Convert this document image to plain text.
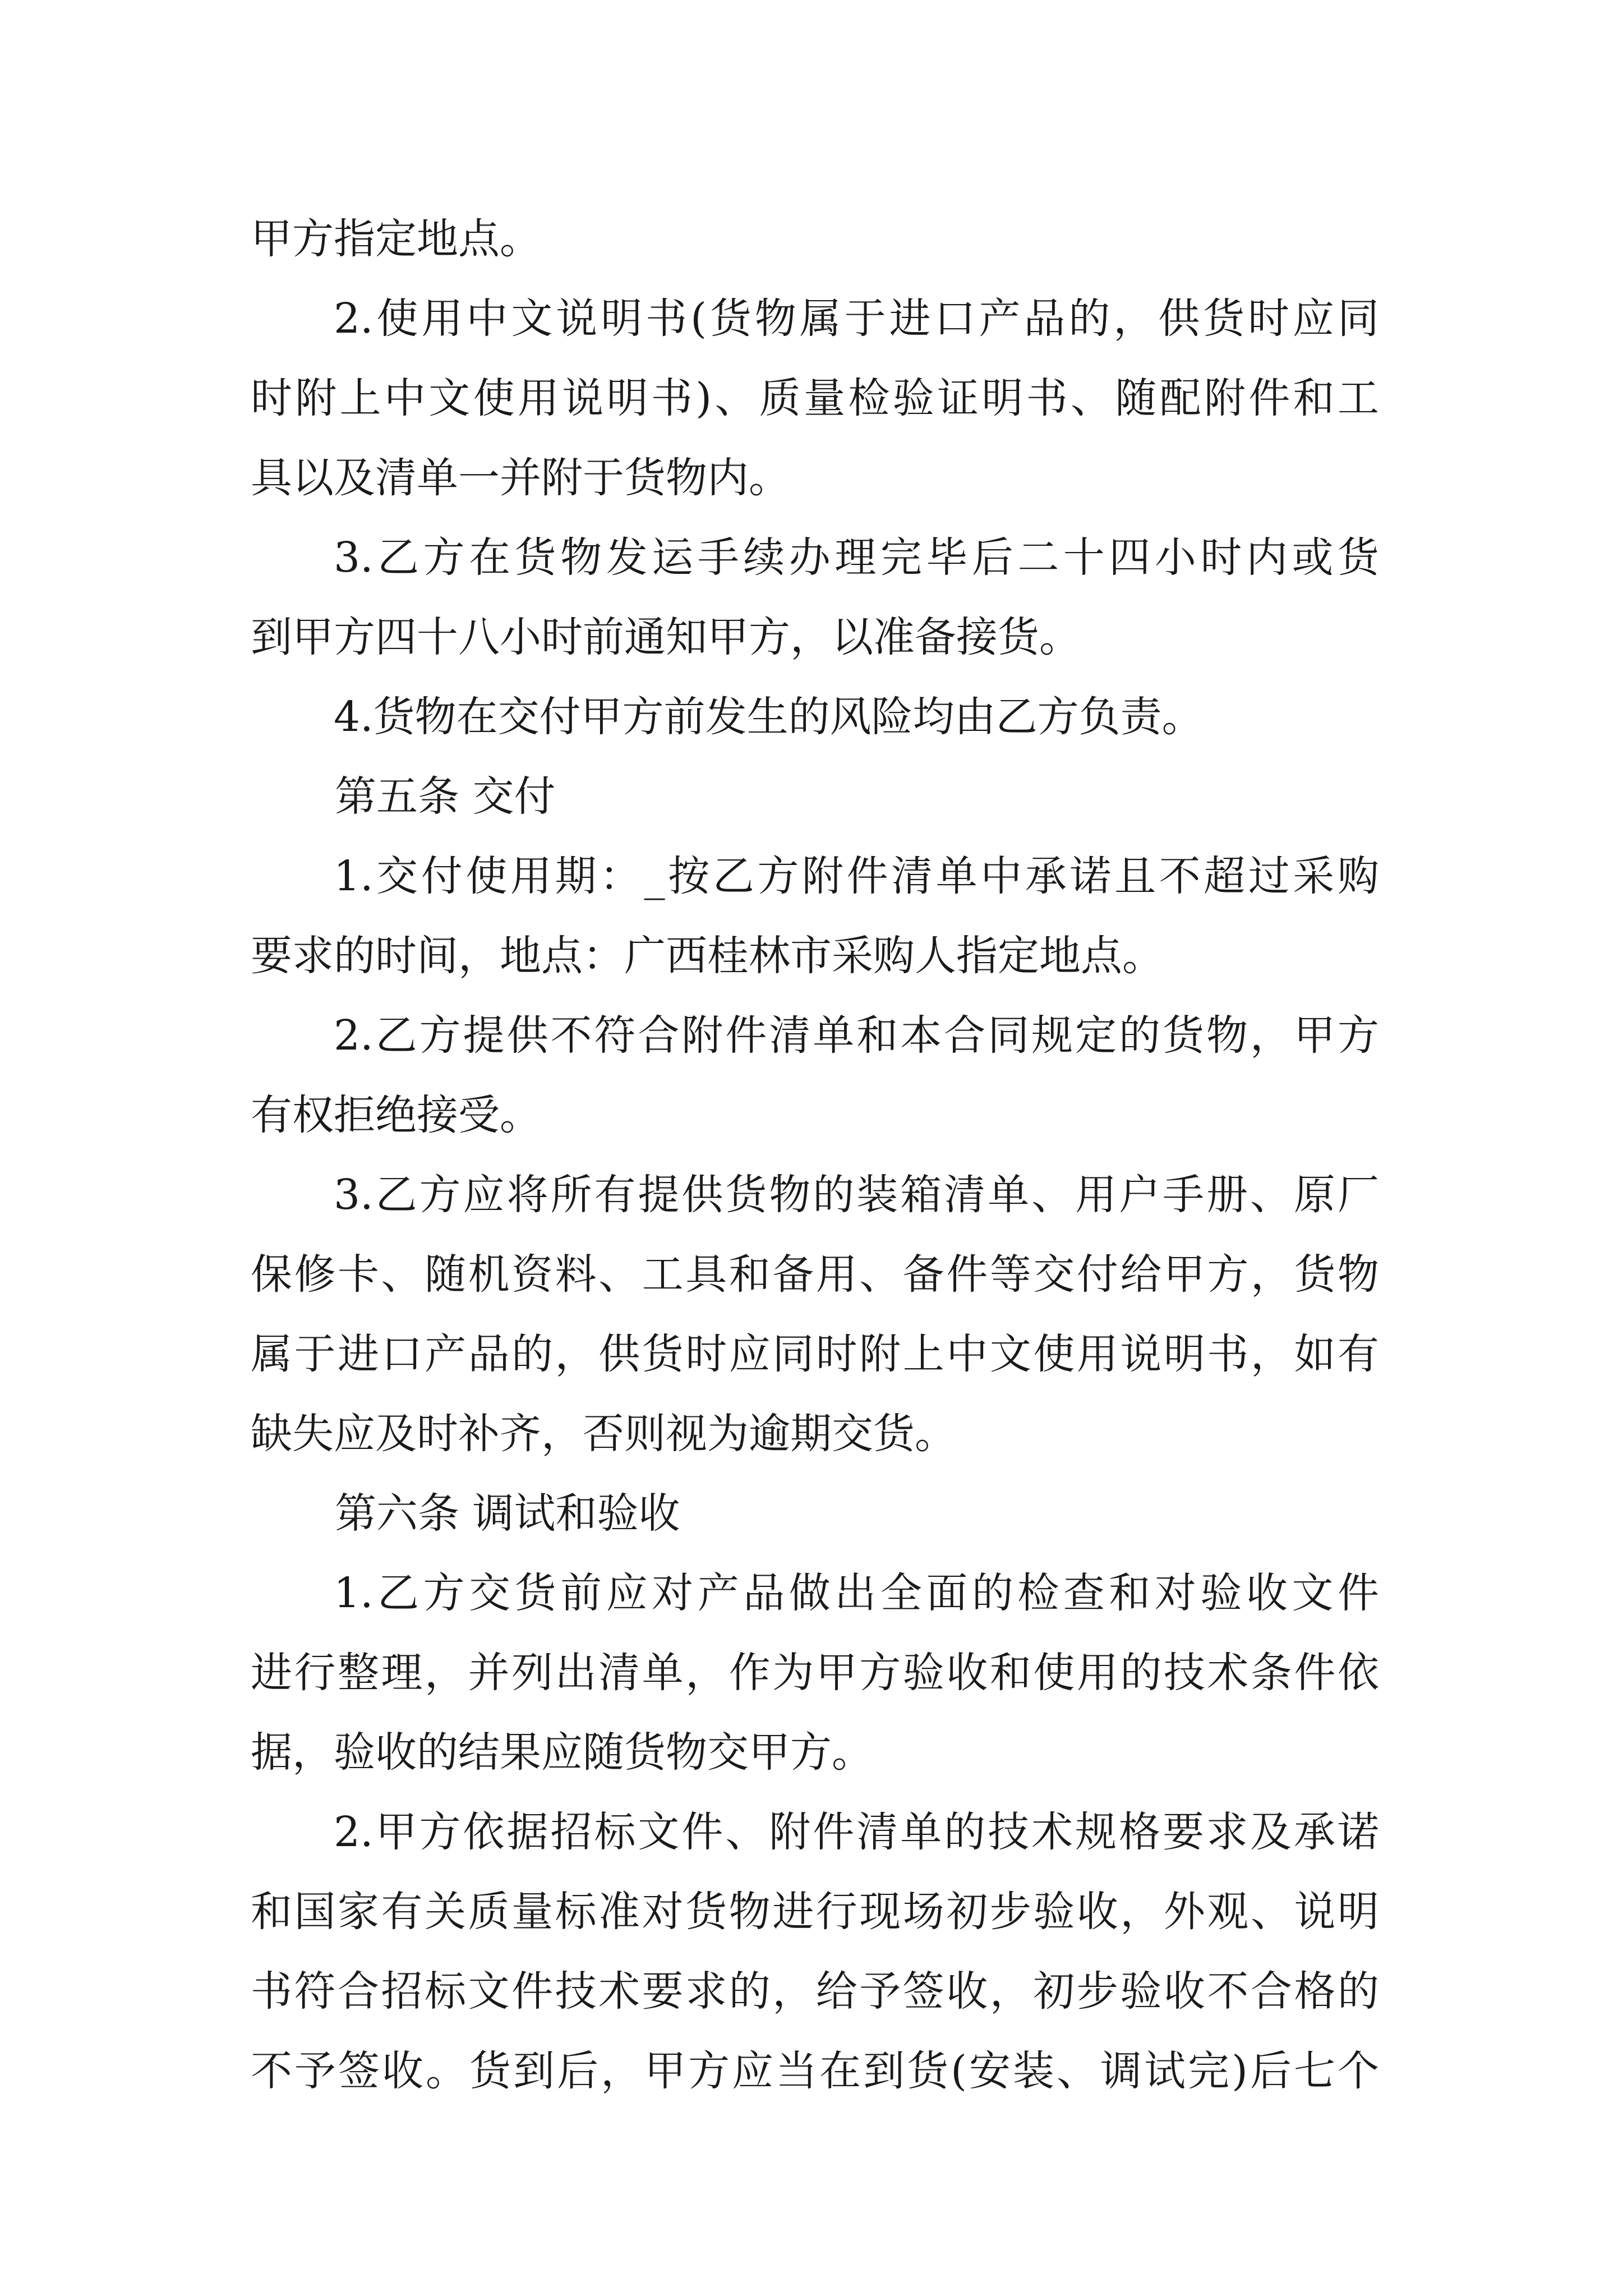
甲方指定地点。
2.使用中文说明书(货物属于进口产品的，供货时应同
时附上中文使用说明书)、质量检验证明书、随配附件和工
具以及清单一并附于货物内。
3.乙方在货物发运手续办理完毕后二十四小时内或货
到甲方四十八小时前通知甲方，以准备接货。
4.货物在交付甲方前发生的风险均由乙方负责。
第五条 交付
1.交付使用期：_按乙方附件清单中承诺且不超过采购
要求的时间，地点：广西桂林市采购人指定地点。
2.乙方提供不符合附件清单和本合同规定的货物，甲方
有权拒绝接受。
3.乙方应将所有提供货物的装箱清单、用户手册、原厂
保修卡、随机资料、工具和备用、备件等交付给甲方，货物
属于进口产品的，供货时应同时附上中文使用说明书，如有
缺失应及时补齐，否则视为逾期交货。
第六条 调试和验收
1.乙方交货前应对产品做出全面的检查和对验收文件
进行整理，并列出清单，作为甲方验收和使用的技术条件依
据，验收的结果应随货物交甲方。
2.甲方依据招标文件、附件清单的技术规格要求及承诺
和国家有关质量标准对货物进行现场初步验收，外观、说明
书符合招标文件技术要求的，给予签收，初步验收不合格的
不予签收。货到后，甲方应当在到货(安装、调试完)后七个
